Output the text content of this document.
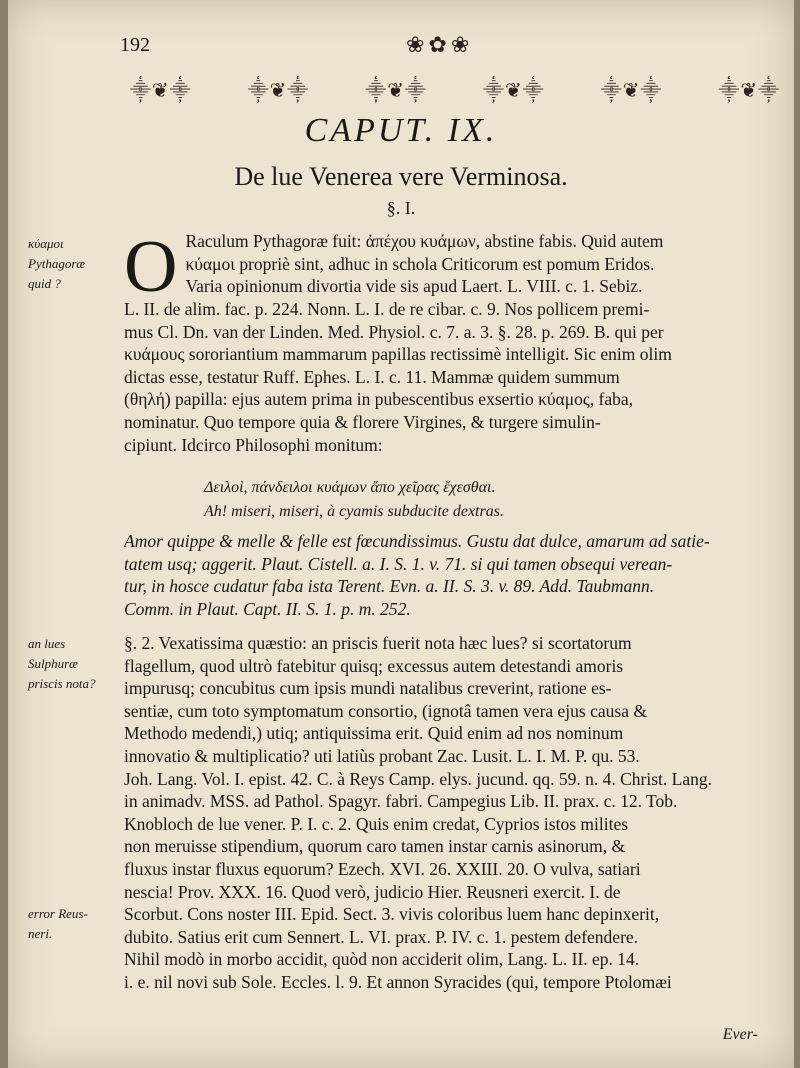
192	❀✿❀
⸎❦⸎	⸎❦⸎	⸎❦⸎	⸎❦⸎	⸎❦⸎	⸎❦⸎
CAPUT. IX.
De lue Venerea vere Verminosa.
§. I.
κύαμοι
Pythagoræ
quid ?
an lues
Sulphuræ
priscis nota?
error Reus-
neri.
O Raculum Pythagoræ fuit: ἀπέχου κυάμων, abstine fabis. Quid autem
κύαμοι propriè sint, adhuc in schola Criticorum est pomum Eridos.
Varia opinionum divortia vide sis apud Laert. L. VIII. c. 1. Sebiz.
L. II. de alim. fac. p. 224. Nonn. L. I. de re cibar. c. 9. Nos pollicem premi-
mus Cl. Dn. van der Linden. Med. Physiol. c. 7. a. 3. §. 28. p. 269. B. qui per
κυάμους sororiantium mammarum papillas rectissimè intelligit. Sic enim olim
dictas esse, testatur Ruff. Ephes. L. I. c. 11. Mammæ quidem summum
(θηλή) papilla: ejus autem prima in pubescentibus exsertio κύαμος, faba,
nominatur. Quo tempore quia & florere Virgines, & turgere simulin-
cipiunt. Idcirco Philosophi monitum:
Δειλοὶ, πάνδειλοι κυάμων ἄπο χεῖρας ἔχεσθαι.
Ah! miseri, miseri, à cyamis subducite dextras.
Amor quippe & melle & felle est fœcundissimus. Gustu dat dulce, amarum ad satie-
tatem usq; aggerit. Plaut. Cistell. a. I. S. 1. v. 71. si qui tamen obsequi verean-
tur, in hosce cudatur faba ista Terent. Evn. a. II. S. 3. v. 89. Add. Taubmann.
Comm. in Plaut. Capt. II. S. 1. p. m. 252.
§. 2. Vexatissima quæstio: an priscis fuerit nota hæc lues? si scortatorum
flagellum, quod ultrò fatebitur quisq; excessus autem detestandi amoris
impurusq; concubitus cum ipsis mundi natalibus creverint, ratione es-
sentiæ, cum toto symptomatum consortio, (ignotâ tamen vera ejus causa &
Methodo medendi,) utiq; antiquissima erit. Quid enim ad nos nominum
innovatio & multiplicatio? uti latiùs probant Zac. Lusit. L. I. M. P. qu. 53.
Joh. Lang. Vol. I. epist. 42. C. à Reys Camp. elys. jucund. qq. 59. n. 4. Christ. Lang.
in animadv. MSS. ad Pathol. Spagyr. fabri. Campegius Lib. II. prax. c. 12. Tob.
Knobloch de lue vener. P. I. c. 2. Quis enim credat, Cyprios istos milites
non meruisse stipendium, quorum caro tamen instar carnis asinorum, &
fluxus instar fluxus equorum? Ezech. XVI. 26. XXIII. 20. O vulva, satiari
nescia! Prov. XXX. 16. Quod verò, judicio Hier. Reusneri exercit. I. de
Scorbut. Cons noster III. Epid. Sect. 3. vivis coloribus luem hanc depinxerit,
dubito. Satius erit cum Sennert. L. VI. prax. P. IV. c. 1. pestem defendere.
Nihil modò in morbo accidit, quòd non acciderit olim, Lang. L. II. ep. 14.
i. e. nil novi sub Sole. Eccles. l. 9. Et annon Syracides (qui, tempore Ptolomæi
Ever-
